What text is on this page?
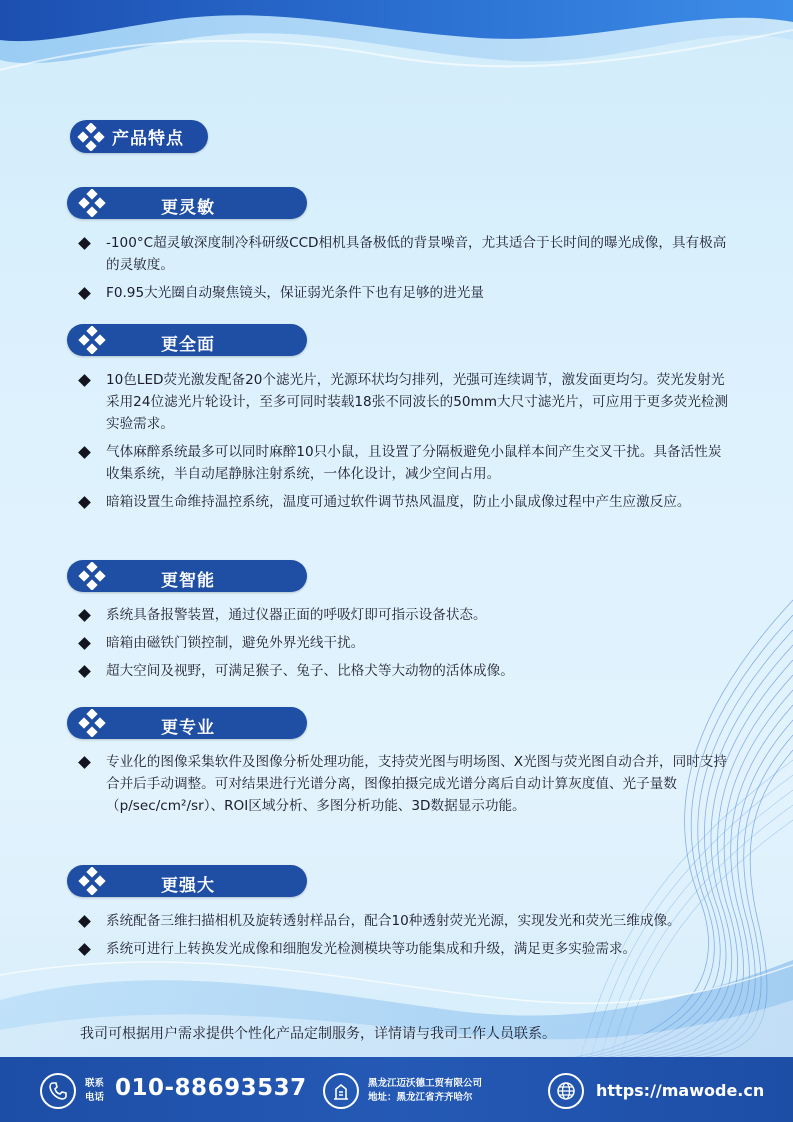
产品特点
更灵敏
-100°C超灵敏深度制冷科研级CCD相机具备极低的背景噪音，尤其适合于长时间的曝光成像，具有极高的灵敏度。
F0.95大光圈自动聚焦镜头，保证弱光条件下也有足够的进光量
更全面
10色LED荧光激发配备20个滤光片，光源环状均匀排列，光强可连续调节，激发面更均匀。荧光发射光采用24位滤光片轮设计，至多可同时装载18张不同波长的50mm大尺寸滤光片，可应用于更多荧光检测实验需求。
气体麻醉系统最多可以同时麻醉10只小鼠，且设置了分隔板避免小鼠样本间产生交叉干扰。具备活性炭收集系统，半自动尾静脉注射系统，一体化设计，减少空间占用。
暗箱设置生命维持温控系统，温度可通过软件调节热风温度，防止小鼠成像过程中产生应激反应。
更智能
系统具备报警装置，通过仪器正面的呼吸灯即可指示设备状态。
暗箱由磁铁门锁控制，避免外界光线干扰。
超大空间及视野，可满足猴子、兔子、比格犬等大动物的活体成像。
更专业
专业化的图像采集软件及图像分析处理功能，支持荧光图与明场图、X光图与荧光图自动合并，同时支持合并后手动调整。可对结果进行光谱分离，图像拍摄完成光谱分离后自动计算灰度值、光子量数（p/sec/cm²/sr）、ROI区域分析、多图分析功能、3D数据显示功能。
更强大
系统配备三维扫描相机及旋转透射样品台，配合10种透射荧光光源，实现发光和荧光三维成像。
系统可进行上转换发光成像和细胞发光检测模块等功能集成和升级，满足更多实验需求。
我司可根据用户需求提供个性化产品定制服务，详情请与我司工作人员联系。
联系
电话 010-88693537	黑龙江迈沃德工贸有限公司
地址：黑龙江省齐齐哈尔	https://mawode.cn
